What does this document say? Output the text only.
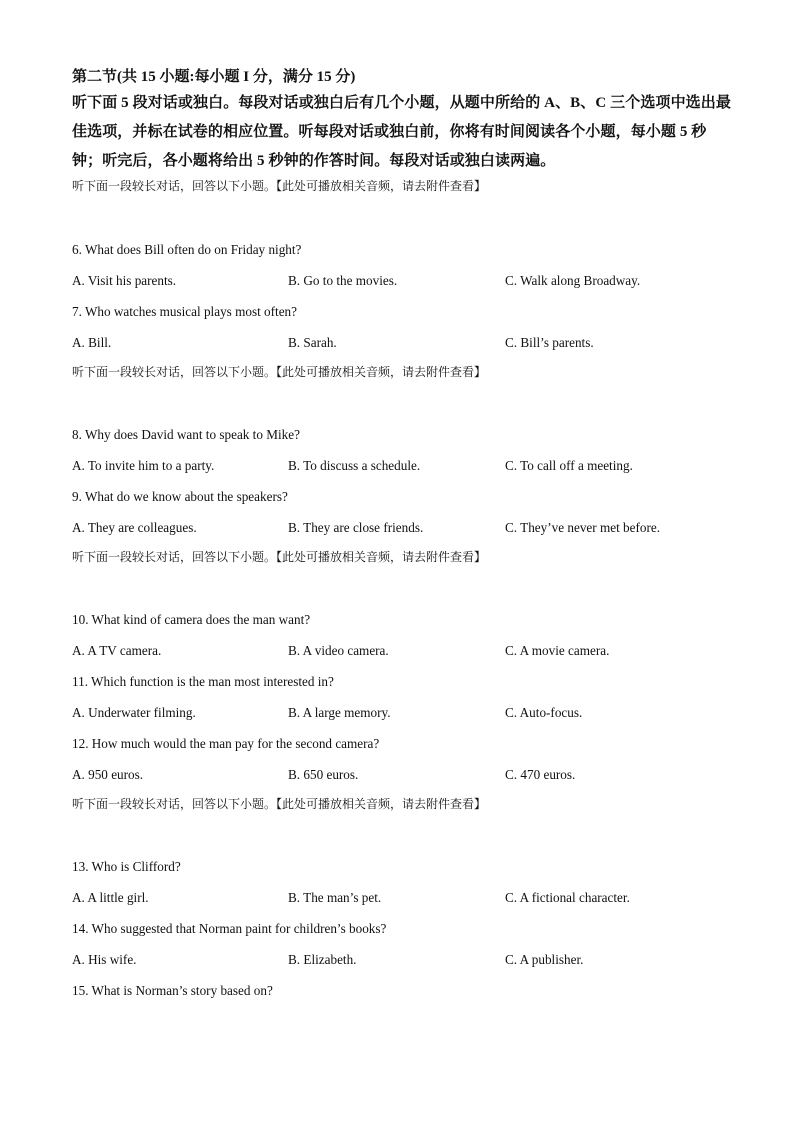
第二节(共 15 小题:每小题 I 分，满分 15 分)
听下面 5 段对话或独白。每段对话或独白后有几个小题，从题中所给的 A、B、C 三个选项中选出最佳选项，并标在试卷的相应位置。听每段对话或独白前，你将有时间阅读各个小题，每小题 5 秒钟；听完后，各小题将给出 5 秒钟的作答时间。每段对话或独白读两遍。
听下面一段较长对话，回答以下小题。【此处可播放相关音频，请去附件查看】
6. What does Bill often do on Friday night?
A. Visit his parents.	B. Go to the movies.	C. Walk along Broadway.
7. Who watches musical plays most often?
A. Bill.	B. Sarah.	C. Bill’s parents.
听下面一段较长对话，回答以下小题。【此处可播放相关音频，请去附件查看】
8. Why does David want to speak to Mike?
A. To invite him to a party.	B. To discuss a schedule.	C. To call off a meeting.
9. What do we know about the speakers?
A. They are colleagues.	B. They are close friends.	C. They’ve never met before.
听下面一段较长对话，回答以下小题。【此处可播放相关音频，请去附件查看】
10. What kind of camera does the man want?
A. A TV camera.	B. A video camera.	C. A movie camera.
11. Which function is the man most interested in?
A. Underwater filming.	B. A large memory.	C. Auto-focus.
12. How much would the man pay for the second camera?
A. 950 euros.	B. 650 euros.	C. 470 euros.
听下面一段较长对话，回答以下小题。【此处可播放相关音频，请去附件查看】
13. Who is Clifford?
A. A little girl.	B. The man’s pet.	C. A fictional character.
14. Who suggested that Norman paint for children’s books?
A. His wife.	B. Elizabeth.	C. A publisher.
15. What is Norman’s story based on?
